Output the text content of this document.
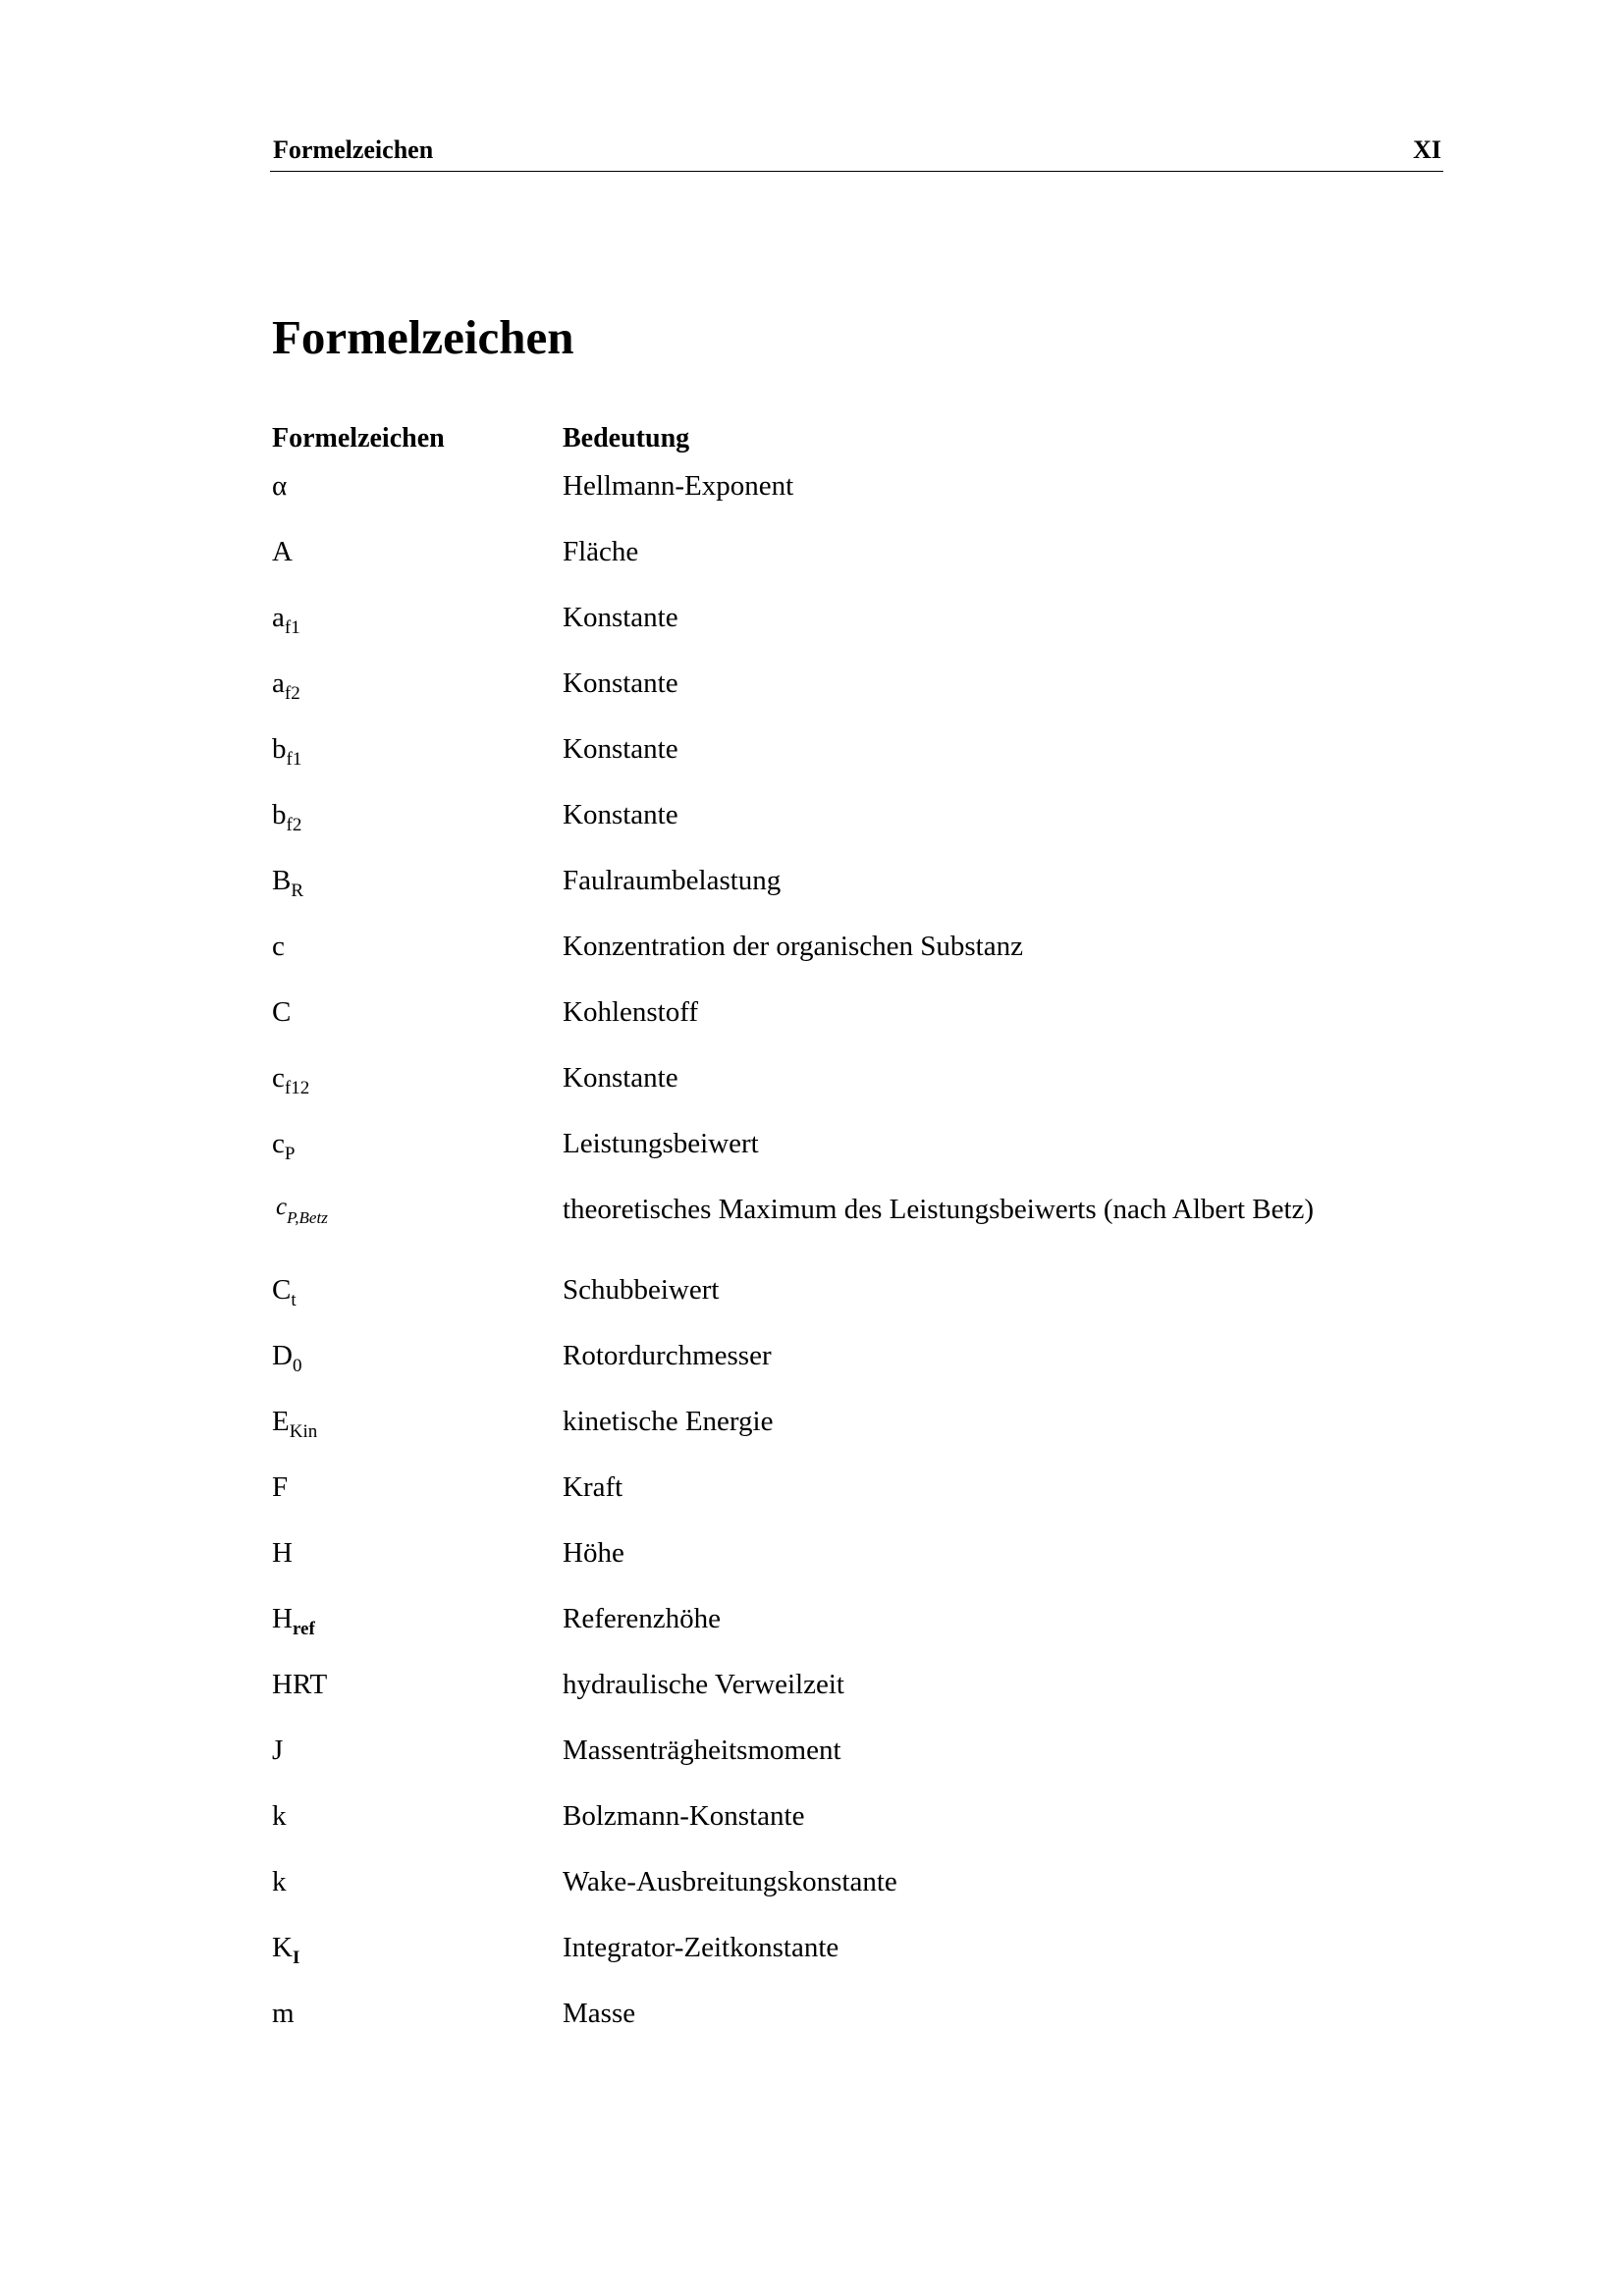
Formelzeichen	XI
Formelzeichen
Formelzeichen	Bedeutung
α	Hellmann-Exponent
A	Fläche
$a_{f1}$	Konstante
$a_{f2}$	Konstante
$b_{f1}$	Konstante
$b_{f2}$	Konstante
$B_R$	Faulraumbelastung
c	Konzentration der organischen Substanz
C	Kohlenstoff
$c_{f12}$	Konstante
$c_P$	Leistungsbeiwert
$c_{P,Betz}$	theoretisches Maximum des Leistungsbeiwerts (nach Albert Betz)
$C_t$	Schubbeiwert
$D_0$	Rotordurchmesser
$E_{Kin}$	kinetische Energie
F	Kraft
H	Höhe
$H_{ref}$	Referenzhöhe
HRT	hydraulische Verweilzeit
J	Massenträgheitsmoment
k	Bolzmann-Konstante
k	Wake-Ausbreitungskonstante
$K_I$	Integrator-Zeitkonstante
m	Masse
